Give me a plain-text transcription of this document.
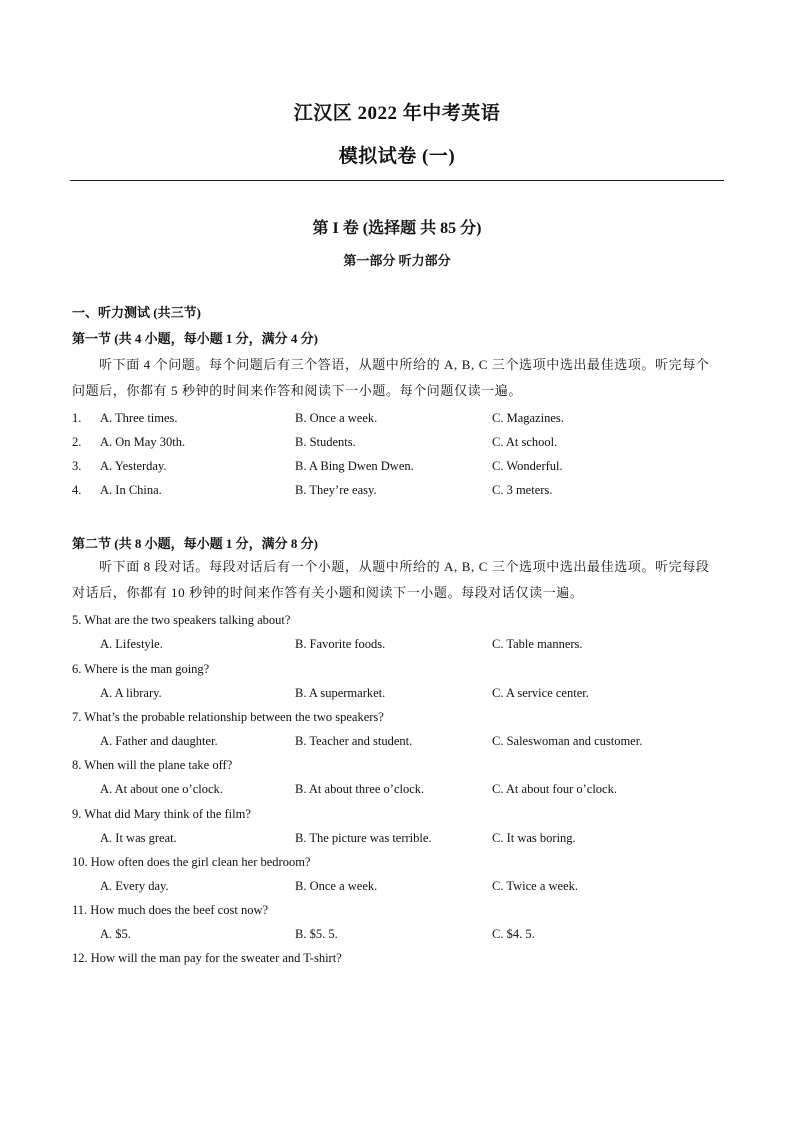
江汉区 2022 年中考英语
模拟试卷 (一)
第 I 卷 (选择题 共 85 分)
第一部分 听力部分
一、听力测试 (共三节)
第一节 (共 4 小题，每小题 1 分，满分 4 分)
听下面 4 个问题。每个问题后有三个答语，从题中所给的 A, B, C 三个选项中选出最佳选项。听完每个问题后，你都有 5 秒钟的时间来作答和阅读下一小题。每个问题仅读一遍。
1. A. Three times.	B. Once a week.	C. Magazines.
2. A. On May 30th.	B. Students.	C. At school.
3. A. Yesterday.	B. A Bing Dwen Dwen.	C. Wonderful.
4. A. In China.	B. They’re easy.	C. 3 meters.
第二节 (共 8 小题，每小题 1 分，满分 8 分)
听下面 8 段对话。每段对话后有一个小题，从题中所给的 A, B, C 三个选项中选出最佳选项。听完每段对话后，你都有 10 秒钟的时间来作答有关小题和阅读下一小题。每段对话仅读一遍。
5. What are the two speakers talking about?
A. Lifestyle.	B. Favorite foods.	C. Table manners.
6. Where is the man going?
A. A library.	B. A supermarket.	C. A service center.
7. What’s the probable relationship between the two speakers?
A. Father and daughter.	B. Teacher and student.	C. Saleswoman and customer.
8. When will the plane take off?
A. At about one o’clock.	B. At about three o’clock.	C. At about four o’clock.
9. What did Mary think of the film?
A. It was great.	B. The picture was terrible.	C. It was boring.
10. How often does the girl clean her bedroom?
A. Every day.	B. Once a week.	C. Twice a week.
11. How much does the beef cost now?
A. $5.	B. $5. 5.	C. $4. 5.
12. How will the man pay for the sweater and T-shirt?
